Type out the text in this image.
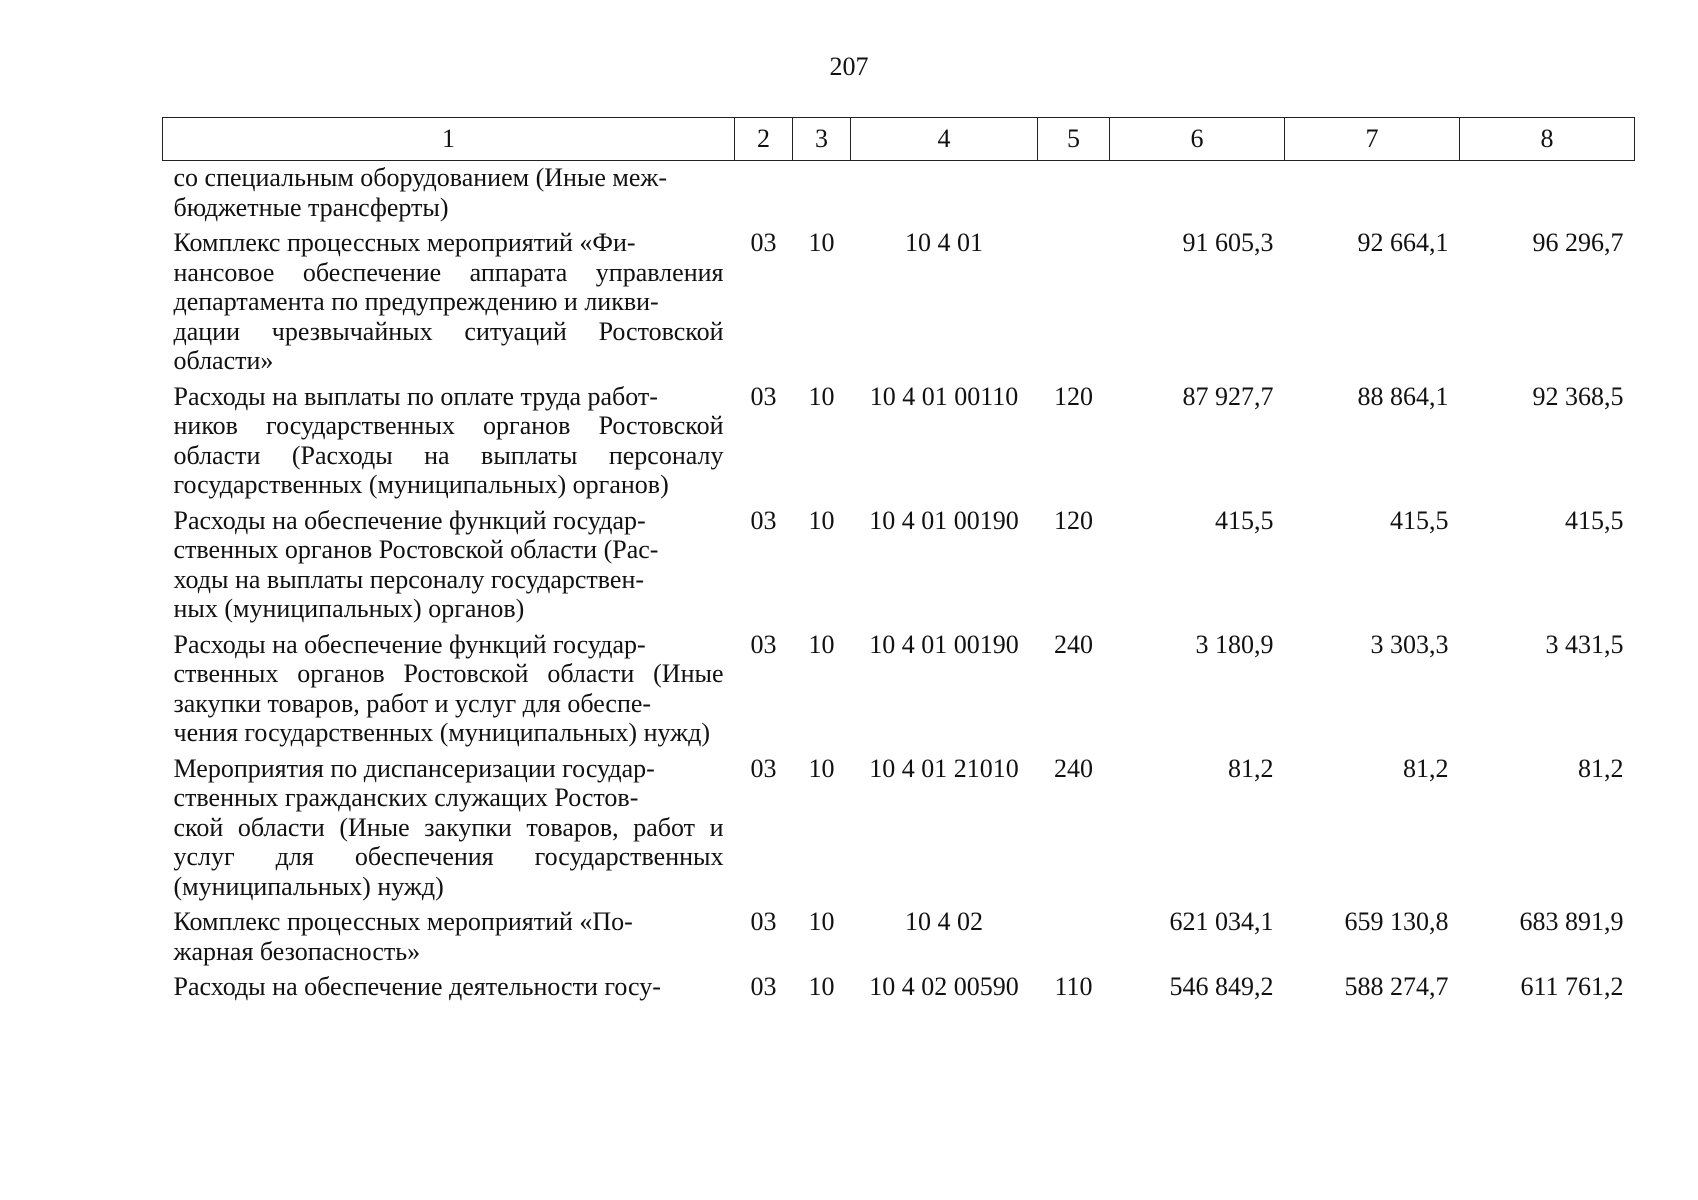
207
1	2	3	4	5	6	7	8
со специальным оборудованием (Иные меж-
бюджетные трансферты)							
Комплекс процессных мероприятий «Фи-
нансовое обеспечение аппарата управления департамента по предупреждению и ликви-
дации чрезвычайных ситуаций Ростовской области»	03	10	10 4 01		91 605,3	92 664,1	96 296,7
Расходы на выплаты по оплате труда работ-
ников государственных органов Ростовской области (Расходы на выплаты персоналу государственных (муниципальных) органов)	03	10	10 4 01 00110	120	87 927,7	88 864,1	92 368,5
Расходы на обеспечение функций государ-
ственных органов Ростовской области (Рас-
ходы на выплаты персоналу государствен-
ных (муниципальных) органов)	03	10	10 4 01 00190	120	415,5	415,5	415,5
Расходы на обеспечение функций государ-
ственных органов Ростовской области (Иные закупки товаров, работ и услуг для обеспе-
чения государственных (муниципальных) нужд)	03	10	10 4 01 00190	240	3 180,9	3 303,3	3 431,5
Мероприятия по диспансеризации государ-
ственных гражданских служащих Ростов-
ской области (Иные закупки товаров, работ и услуг для обеспечения государственных (муниципальных) нужд)	03	10	10 4 01 21010	240	81,2	81,2	81,2
Комплекс процессных мероприятий «По-
жарная безопасность»	03	10	10 4 02		621 034,1	659 130,8	683 891,9
Расходы на обеспечение деятельности госу-	03	10	10 4 02 00590	110	546 849,2	588 274,7	611 761,2
